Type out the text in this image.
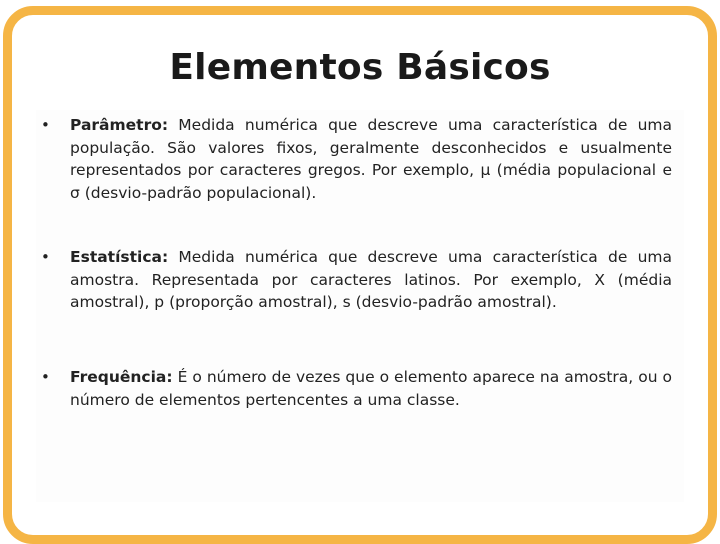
Elementos Básicos
• Parâmetro: Medida numérica que descreve uma característica de uma população. São valores fixos, geralmente desconhecidos e usualmente representados por caracteres gregos. Por exemplo, µ (média populacional e σ (desvio-padrão populacional).
• Estatística: Medida numérica que descreve uma característica de uma amostra. Representada por caracteres latinos. Por exemplo, X (média amostral), p (proporção amostral), s (desvio-padrão amostral).
• Frequência: É o número de vezes que o elemento aparece na amostra, ou o número de elementos pertencentes a uma classe.
